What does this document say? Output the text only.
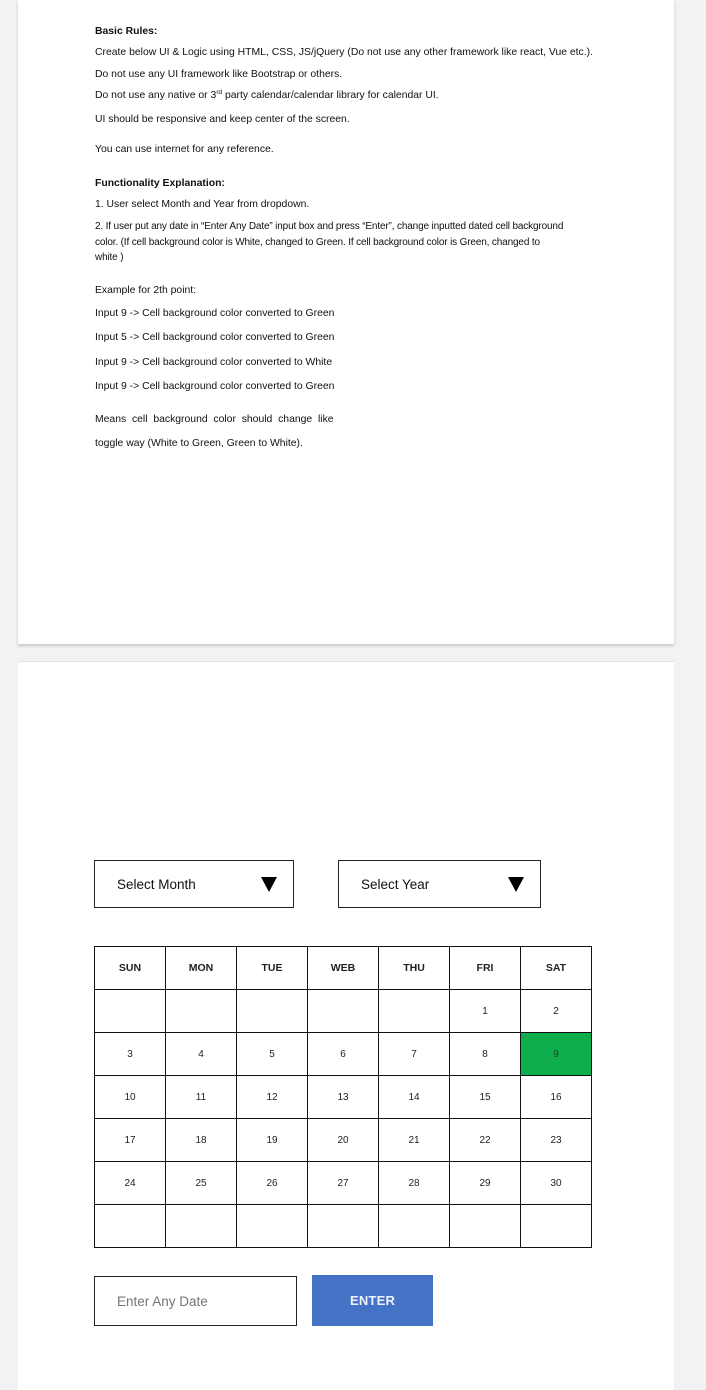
Basic Rules:
Create below UI & Logic using HTML, CSS, JS/jQuery (Do not use any other framework like react, Vue etc.).
Do not use any UI framework like Bootstrap or others.
Do not use any native or 3rd party calendar/calendar library for calendar UI.
UI should be responsive and keep center of the screen.
You can use internet for any reference.
Functionality Explanation:
1. User select Month and Year from dropdown.
2. If user put any date in “Enter Any Date” input box and press “Enter”, change inputted dated cell background color. (If cell background color is White, changed to Green. If cell background color is Green, changed to white )
Example for 2th point:
Input 9 -> Cell background color converted to Green
Input 5 -> Cell background color converted to Green
Input 9 -> Cell background color converted to White
Input 9 -> Cell background color converted to Green
Means  cell  background  color  should  change  like
toggle way (White to Green, Green to White).
Select Month	Select Year
SUN	MON	TUE	WEB	THU	FRI	SAT
					1	2
3	4	5	6	7	8	9
10	11	12	13	14	15	16
17	18	19	20	21	22	23
24	25	26	27	28	29	30

Enter Any Date
ENTER
